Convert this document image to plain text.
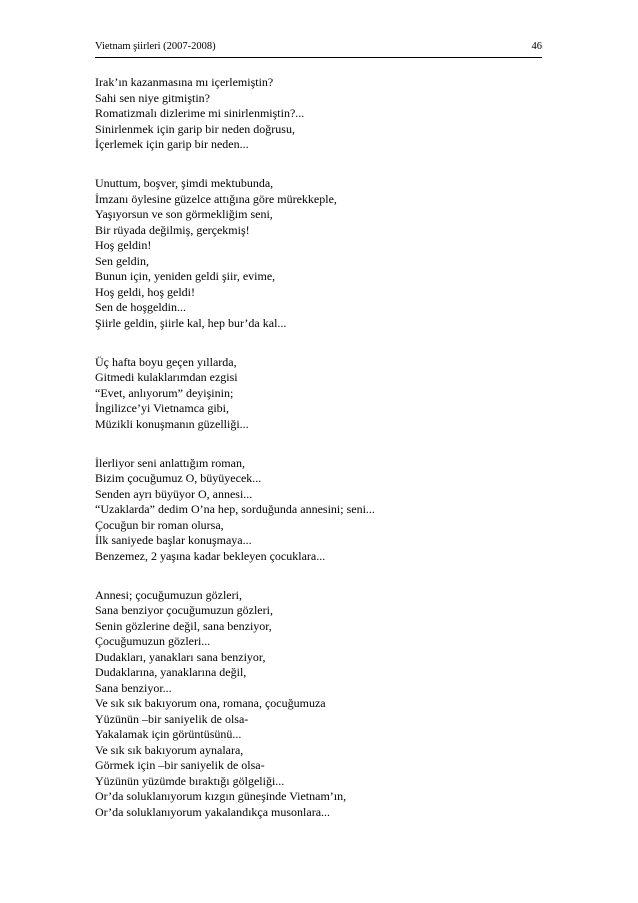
Vietnam şiirleri (2007-2008)	46
Irak’ın kazanmasına mı içerlemiştin?
Sahi sen niye gitmiştin?
Romatizmalı dizlerime mi sinirlenmiştin?...
Sinirlenmek için garip bir neden doğrusu,
İçerlemek için garip bir neden...
Unuttum, boşver, şimdi mektubunda,
İmzanı öylesine güzelce attığına göre mürekkeple,
Yaşıyorsun ve son görmekliğim seni,
Bir rüyada değilmiş, gerçekmiş!
Hoş geldin!
Sen geldin,
Bunun için, yeniden geldi şiir, evime,
Hoş geldi, hoş geldi!
Sen de hoşgeldin...
Şiirle geldin, şiirle kal, hep bur’da kal...
Üç hafta boyu geçen yıllarda,
Gitmedi kulaklarımdan ezgisi
“Evet, anlıyorum” deyişinin;
İngilizce’yi Vietnamca gibi,
Müzikli konuşmanın güzelliği...
İlerliyor seni anlattığım roman,
Bizim çocuğumuz O, büyüyecek...
Senden ayrı büyüyor O, annesi...
“Uzaklarda” dedim O’na hep, sorduğunda annesini; seni...
Çocuğun bir roman olursa,
İlk saniyede başlar konuşmaya...
Benzemez, 2 yaşına kadar bekleyen çocuklara...
Annesi; çocuğumuzun gözleri,
Sana benziyor çocuğumuzun gözleri,
Senin gözlerine değil, sana benziyor,
Çocuğumuzun gözleri...
Dudakları, yanakları sana benziyor,
Dudaklarına, yanaklarına değil,
Sana benziyor...
Ve sık sık bakıyorum ona, romana, çocuğumuza
Yüzünün –bir saniyelik de olsa-
Yakalamak için görüntüsünü...
Ve sık sık bakıyorum aynalara,
Görmek için –bir saniyelik de olsa-
Yüzünün yüzümde bıraktığı gölgeliği...
Or’da soluklanıyorum kızgın güneşinde Vietnam’ın,
Or’da soluklanıyorum yakalandıkça musonlara...
